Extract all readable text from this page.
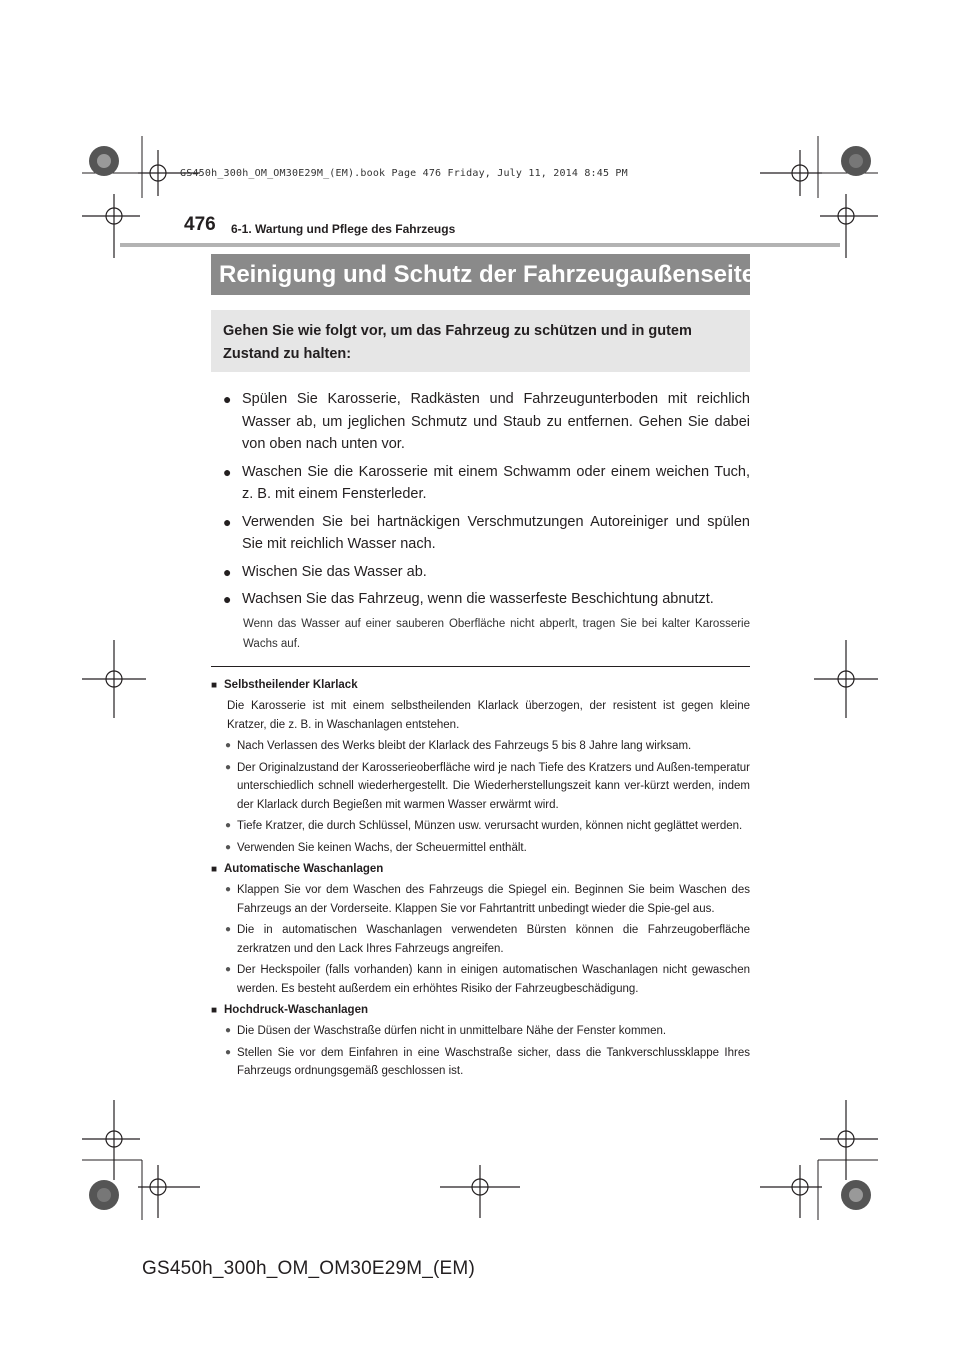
GS450h_300h_OM_OM30E29M_(EM).book Page 476 Friday, July 11, 2014 8:45 PM
476 6-1. Wartung und Pflege des Fahrzeugs
Reinigung und Schutz der Fahrzeugaußenseiten
Gehen Sie wie folgt vor, um das Fahrzeug zu schützen und in gutem Zustand zu halten:
● Spülen Sie Karosserie, Radkästen und Fahrzeugunterboden mit reichlich Wasser ab, um jeglichen Schmutz und Staub zu entfernen. Gehen Sie dabei von oben nach unten vor.
● Waschen Sie die Karosserie mit einem Schwamm oder einem weichen Tuch, z. B. mit einem Fensterleder.
● Verwenden Sie bei hartnäckigen Verschmutzungen Autoreiniger und spülen Sie mit reichlich Wasser nach.
● Wischen Sie das Wasser ab.
● Wachsen Sie das Fahrzeug, wenn die wasserfeste Beschichtung abnutzt.
Wenn das Wasser auf einer sauberen Oberfläche nicht abperlt, tragen Sie bei kalter Karosserie Wachs auf.
■ Selbstheilender Klarlack
Die Karosserie ist mit einem selbstheilenden Klarlack überzogen, der resistent ist gegen kleine Kratzer, die z. B. in Waschanlagen entstehen.
● Nach Verlassen des Werks bleibt der Klarlack des Fahrzeugs 5 bis 8 Jahre lang wirksam.
● Der Originalzustand der Karosserieoberfläche wird je nach Tiefe des Kratzers und Außen-temperatur unterschiedlich schnell wiederhergestellt. Die Wiederherstellungszeit kann ver-kürzt werden, indem der Klarlack durch Begießen mit warmen Wasser erwärmt wird.
● Tiefe Kratzer, die durch Schlüssel, Münzen usw. verursacht wurden, können nicht geglättet werden.
● Verwenden Sie keinen Wachs, der Scheuermittel enthält.
■ Automatische Waschanlagen
● Klappen Sie vor dem Waschen des Fahrzeugs die Spiegel ein. Beginnen Sie beim Waschen des Fahrzeugs an der Vorderseite. Klappen Sie vor Fahrtantritt unbedingt wieder die Spie-gel aus.
● Die in automatischen Waschanlagen verwendeten Bürsten können die Fahrzeugoberfläche zerkratzen und den Lack Ihres Fahrzeugs angreifen.
● Der Heckspoiler (falls vorhanden) kann in einigen automatischen Waschanlagen nicht gewaschen werden. Es besteht außerdem ein erhöhtes Risiko der Fahrzeugbeschädigung.
■ Hochdruck-Waschanlagen
● Die Düsen der Waschstraße dürfen nicht in unmittelbare Nähe der Fenster kommen.
● Stellen Sie vor dem Einfahren in eine Waschstraße sicher, dass die Tankverschlussklappe Ihres Fahrzeugs ordnungsgemäß geschlossen ist.
GS450h_300h_OM_OM30E29M_(EM)
